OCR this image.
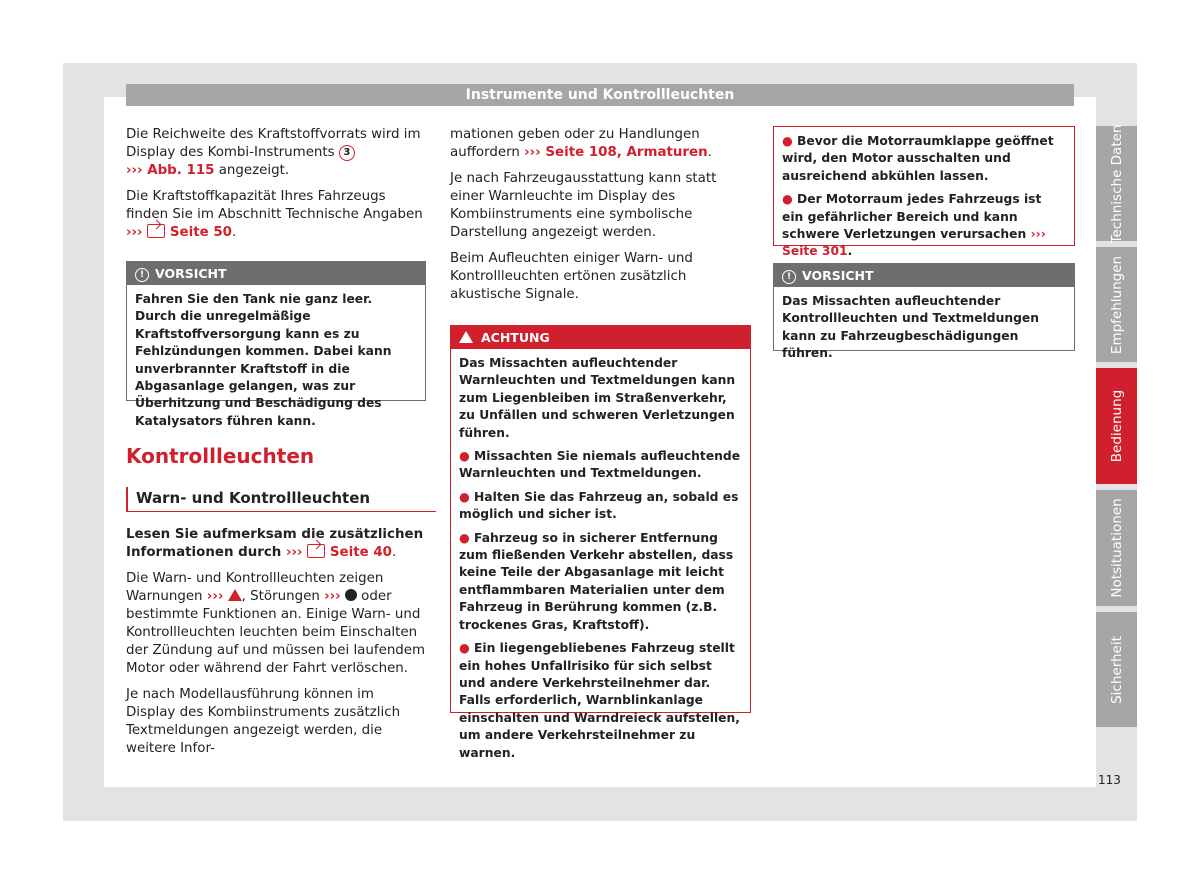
Instrumente und Kontrollleuchten

Die Reichweite des Kraftstoffvorrats wird im Display des Kombi-Instruments 3
››› Abb. 115 angezeigt.

Die Kraftstoffkapazität Ihres Fahrzeugs finden Sie im Abschnitt Technische Angaben
›››  Seite 50.

! VORSICHT
Fahren Sie den Tank nie ganz leer. Durch die unregelmäßige Kraftstoffversorgung kann es zu Fehlzündungen kommen. Dabei kann unverbrannter Kraftstoff in die Abgasanlage gelangen, was zur Überhitzung und Beschädigung des Katalysators führen kann.
Kontrollleuchten
Warn- und Kontrollleuchten

Lesen Sie aufmerksam die zusätzlichen Informationen durch ›››  Seite 40.

Die Warn- und Kontrollleuchten zeigen Warnungen ››› , Störungen ››› oder bestimmte Funktionen an. Einige Warn- und Kontrollleuchten leuchten beim Einschalten der Zündung auf und müssen bei laufendem Motor oder während der Fahrt verlöschen.

Je nach Modellausführung können im Display des Kombiinstruments zusätzlich Textmeldungen angezeigt werden, die weitere Infor-

mationen geben oder zu Handlungen auffordern ››› Seite 108, Armaturen.

Je nach Fahrzeugausstattung kann statt einer Warnleuchte im Display des Kombiinstruments eine symbolische Darstellung angezeigt werden.

Beim Aufleuchten einiger Warn- und Kontrollleuchten ertönen zusätzlich akustische Signale.

ACHTUNG

Das Missachten aufleuchtender Warnleuchten und Textmeldungen kann zum Liegenbleiben im Straßenverkehr, zu Unfällen und schweren Verletzungen führen.

● Missachten Sie niemals aufleuchtende Warnleuchten und Textmeldungen.

● Halten Sie das Fahrzeug an, sobald es möglich und sicher ist.

● Fahrzeug so in sicherer Entfernung zum fließenden Verkehr abstellen, dass keine Teile der Abgasanlage mit leicht entflammbaren Materialien unter dem Fahrzeug in Berührung kommen (z.B. trockenes Gras, Kraftstoff).

● Ein liegengebliebenes Fahrzeug stellt ein hohes Unfallrisiko für sich selbst und andere Verkehrsteilnehmer dar. Falls erforderlich, Warnblinkanlage einschalten und Warndreieck aufstellen, um andere Verkehrsteilnehmer zu warnen.

● Bevor die Motorraumklappe geöffnet wird, den Motor ausschalten und ausreichend abkühlen lassen.

● Der Motorraum jedes Fahrzeugs ist ein gefährlicher Bereich und kann schwere Verletzungen verursachen ››› Seite 301.

! VORSICHT
Das Missachten aufleuchtender Kontrollleuchten und Textmeldungen kann zu Fahrzeugbeschädigungen führen.
Technische Daten
Empfehlungen
Bedienung
Notsituationen
Sicherheit
113
